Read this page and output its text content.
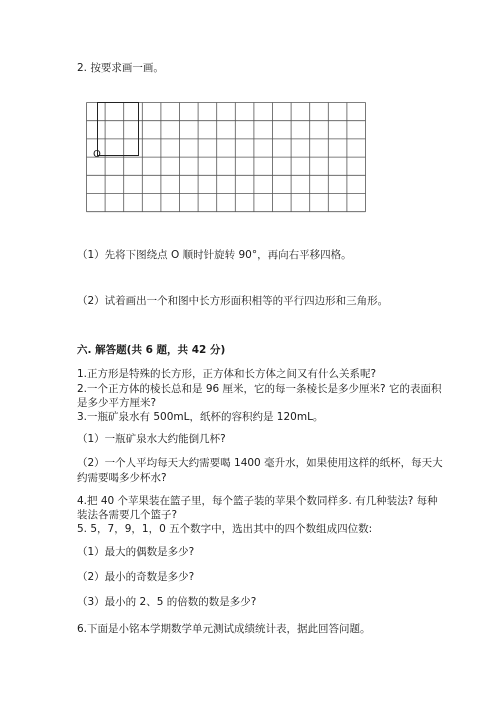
2. 按要求画一画。
O
（1）先将下图绕点 O 顺时针旋转 90°，再向右平移四格。
（2）试着画出一个和图中长方形面积相等的平行四边形和三角形。
六. 解答题(共 6 题，共 42 分)
1.正方形是特殊的长方形，正方体和长方体之间又有什么关系呢?
2.一个正方体的棱长总和是 96 厘米，它的每一条棱长是多少厘米? 它的表面积
是多少平方厘米?
3.一瓶矿泉水有 500mL，纸杯的容积约是 120mL。
（1）一瓶矿泉水大约能倒几杯?
（2）一个人平均每天大约需要喝 1400 毫升水，如果使用这样的纸杯，每天大
约需要喝多少杯水?
4.把 40 个苹果装在篮子里，每个篮子装的苹果个数同样多. 有几种装法? 每种
装法各需要几个篮子?
5. 5，7，9，1，0 五个数字中，选出其中的四个数组成四位数:
（1）最大的偶数是多少?
（2）最小的奇数是多少?
（3）最小的 2、5 的倍数的数是多少?
6.下面是小铭本学期数学单元测试成绩统计表，据此回答问题。
